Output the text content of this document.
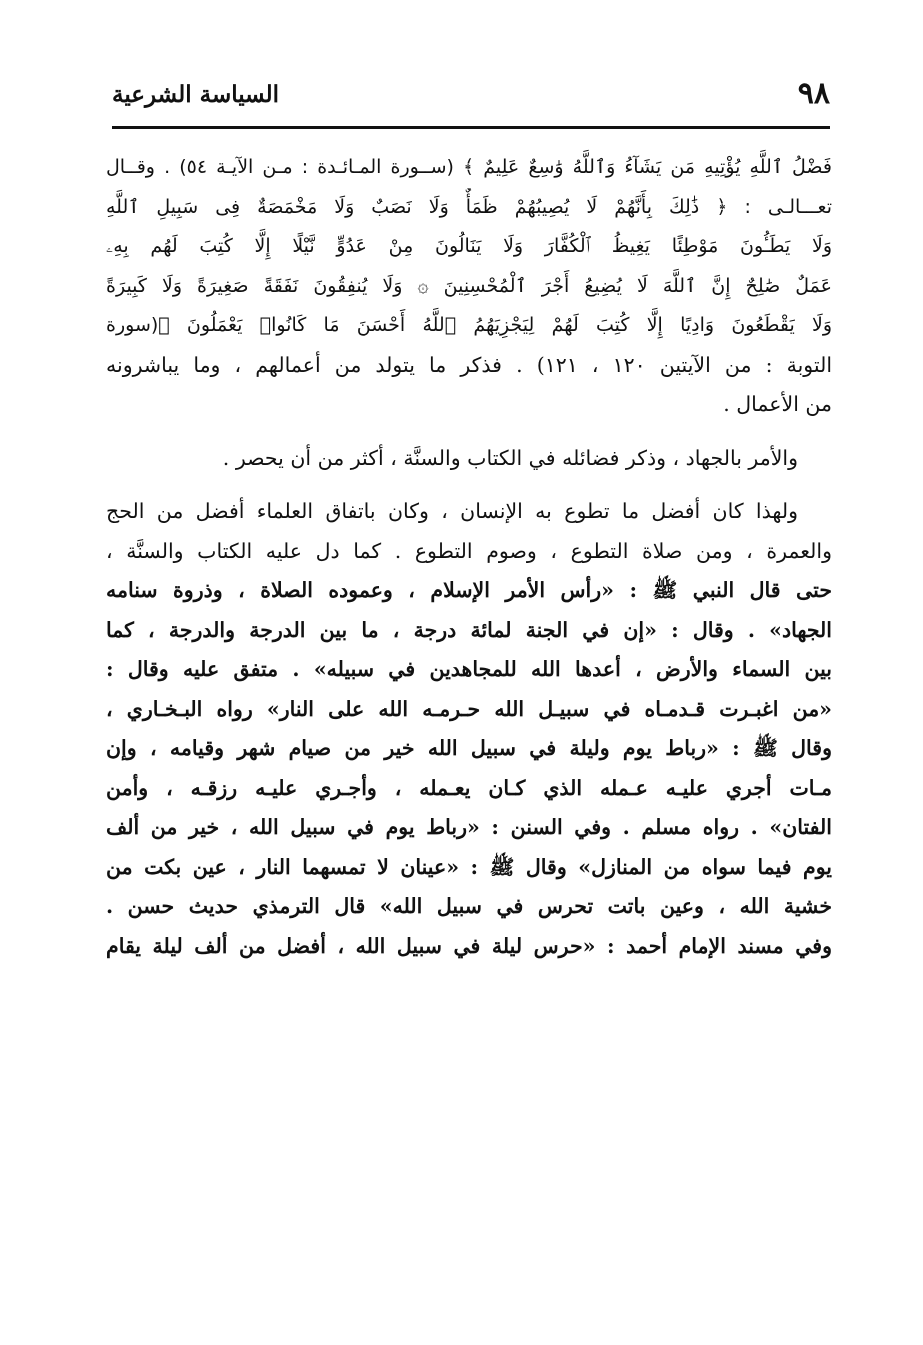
٩٨
السياسة الشرعية
فَضْلُ ٱللَّهِ يُؤْتِيهِ مَن يَشَآءُ وَٱللَّهُ وَٰسِعٌ عَلِيمٌ ﴾ (ســورة المـائـدة : مـن الآيـة ٥٤) . وقــال
تعـــالـى : ﴿ ذَٰلِكَ بِأَنَّهُمْ لَا يُصِيبُهُمْ ظَمَأٌ وَلَا نَصَبٌ وَلَا مَخْمَصَةٌ فِى سَبِيلِ ٱللَّهِ
وَلَا يَطَـُٔونَ مَوْطِئًا يَغِيظُ ٱلْكُفَّارَ وَلَا يَنَالُونَ مِنْ عَدُوٍّ نَّيْلًا إِلَّا كُتِبَ لَهُم بِهِۦ
عَمَلٌ صَٰلِحٌ إِنَّ ٱللَّهَ لَا يُضِيعُ أَجْرَ ٱلْمُحْسِنِينَ ۞ وَلَا يُنفِقُونَ نَفَقَةً صَغِيرَةً وَلَا كَبِيرَةً
وَلَا يَقْطَعُونَ وَادِيًا إِلَّا كُتِبَ لَهُمْ لِيَجْزِيَهُمُ ٱللَّهُ أَحْسَنَ مَا كَانُوا۟ يَعْمَلُونَ ﴾(سورة
التوبة : من الآيتين ١٢٠ ، ١٢١) . فذكر ما يتولد من أعمالهم ، وما يباشرونه
من الأعمال .
والأمر بالجهاد ، وذكر فضائله في الكتاب والسنَّة ، أكثر من أن يحصر .
ولهذا كان أفضل ما تطوع به الإنسان ، وكان باتفاق العلماء أفضل من الحج
والعمرة ، ومن صلاة التطوع ، وصوم التطوع . كما دل عليه الكتاب والسنَّة ،
حتى قال النبي ﷺ : «رأس الأمر الإسلام ، وعموده الصلاة ، وذروة سنامه
الجهاد» . وقال : «إن في الجنة لمائة درجة ، ما بين الدرجة والدرجة ، كما
بين السماء والأرض ، أعدها الله للمجاهدين في سبيله» . متفق عليه وقال :
«من اغبـرت قـدمـاه في سبيـل الله حـرمـه الله على النار» رواه البـخـاري ،
وقال ﷺ : «رباط يوم وليلة في سبيل الله خير من صيام شهر وقيامه ، وإن
مـات أجري عليـه عـمله الذي كـان يعـمله ، وأجـري عليـه رزقـه ، وأمن
الفتان» . رواه مسلم . وفي السنن : «رباط يوم في سبيل الله ، خير من ألف
يوم فيما سواه من المنازل» وقال ﷺ : «عينان لا تمسهما النار ، عين بكت من
خشية الله ، وعين باتت تحرس في سبيل الله» قال الترمذي حديث حسن .
وفي مسند الإمام أحمد : «حرس ليلة في سبيل الله ، أفضل من ألف ليلة يقام
